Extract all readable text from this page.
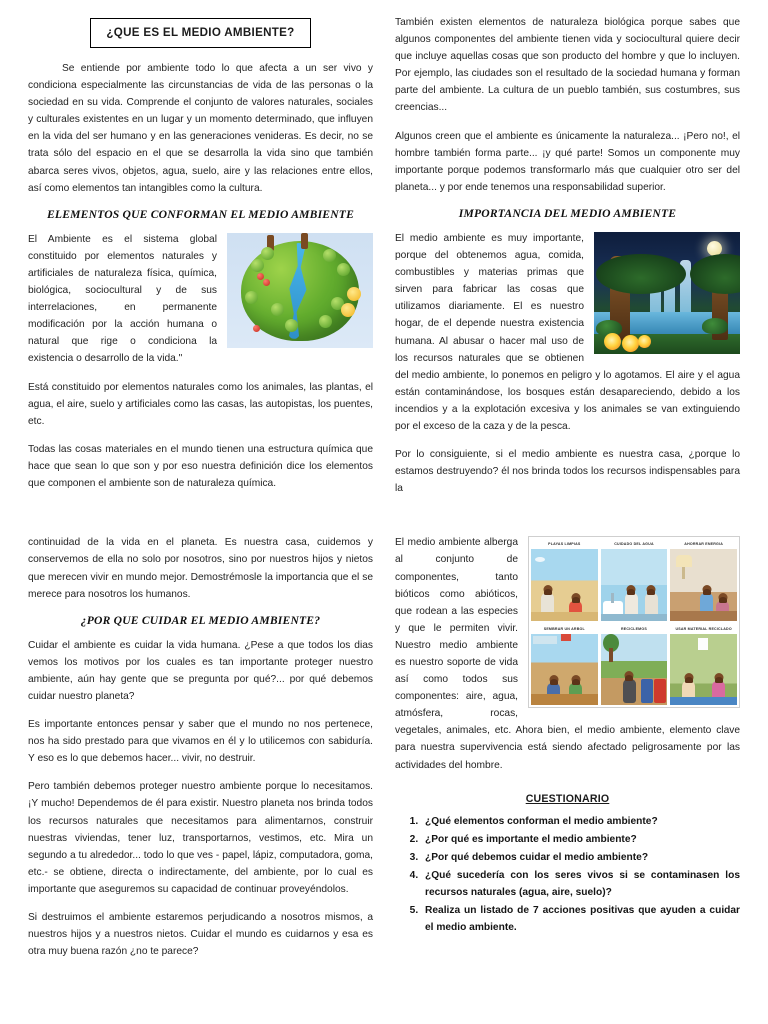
¿QUE ES EL MEDIO AMBIENTE?

Se entiende por ambiente todo lo que afecta a un ser vivo y condiciona especialmente las circunstancias de vida de las personas o la sociedad en su vida. Comprende el conjunto de valores naturales, sociales y culturales existentes en un lugar y un momento determinado, que influyen en la vida del ser humano y en las generaciones venideras. Es decir, no se trata sólo del espacio en el que se desarrolla la vida sino que también abarca seres vivos, objetos, agua, suelo, aire y las relaciones entre ellos, así como elementos tan intangibles como la cultura.

ELEMENTOS QUE CONFORMAN EL MEDIO AMBIENTE

El Ambiente es el sistema global constituido por elementos naturales y artificiales de naturaleza física, química, biológica, sociocultural y de sus interrelaciones, en permanente modificación por la acción humana o natural que rige o condiciona la existencia o desarrollo de la vida."

Está constituido por elementos naturales como los animales, las plantas, el agua, el aire, suelo y artificiales como las casas, las autopistas, los puentes, etc.

Todas las cosas materiales en el mundo tienen una estructura química que hace que sean lo que son y por eso nuestra definición dice los elementos que componen el ambiente son de naturaleza química.

También existen elementos de naturaleza biológica porque sabes que algunos componentes del ambiente tienen vida y sociocultural quiere decir que incluye aquellas cosas que son producto del hombre y que lo incluyen. Por ejemplo, las ciudades son el resultado de la sociedad humana y forman parte del ambiente. La cultura de un pueblo también, sus costumbres, sus creencias...

Algunos creen que el ambiente es únicamente la naturaleza... ¡Pero no!, el hombre también forma parte... ¡y qué parte! Somos un componente muy importante porque podemos transformarlo más que cualquier otro ser del planeta... y por ende tenemos una responsabilidad superior.

IMPORTANCIA DEL MEDIO AMBIENTE

El medio ambiente es muy importante, porque del obtenemos agua, comida, combustibles y materias primas que sirven para fabricar las cosas que utilizamos diariamente. El es nuestro hogar, de el depende nuestra existencia humana. Al abusar o hacer mal uso de los recursos naturales que se obtienen del medio ambiente, lo ponemos en peligro y lo agotamos. El aire y el agua están contaminándose, los bosques están desapareciendo, debido a los incendios y a la explotación excesiva y los animales se van extinguiendo por el exceso de la caza y de la pesca.

Por lo consiguiente, si el medio ambiente es nuestra casa, ¿porque lo estamos destruyendo? él nos brinda todos los recursos indispensables para la

continuidad de la vida en el planeta. Es nuestra casa, cuidemos y conservemos de ella no solo por nosotros, sino por nuestros hijos y nietos que merecen vivir en mundo mejor. Demostrémosle la importancia que el se merece para nosotros los humanos.

¿POR QUE CUIDAR EL MEDIO AMBIENTE?

Cuidar el ambiente es cuidar la vida humana. ¿Pese a que todos los dias vemos los motivos por los cuales es tan importante proteger nuestro ambiente, aún hay gente que se pregunta por qué?... por qué debemos cuidar nuestro planeta?

Es importante entonces pensar y saber que el mundo no nos pertenece, nos ha sido prestado para que vivamos en él y lo utilicemos con sabiduría. Y eso es lo que debemos hacer... vivir, no destruir.

Pero también debemos proteger nuestro ambiente porque lo necesitamos. ¡Y mucho! Dependemos de él para existir. Nuestro planeta nos brinda todos los recursos naturales que necesitamos para alimentarnos, construir nuestras viviendas, tener luz, transportarnos, vestimos, etc. Mira un segundo a tu alrededor... todo lo que ves - papel, lápiz, computadora, goma, etc.- se obtiene, directa o indirectamente, del ambiente, por lo cual es importante que aseguremos su capacidad de continuar proveyéndolos.

Si destruimos el ambiente estaremos perjudicando a nosotros mismos, a nuestros hijos y a nuestros nietos. Cuidar el mundo es cuidarnos y esa es otra muy buena razón ¿no te parece?

PLAYAS LIMPIAS	CUIDADO DEL AGUA	AHORRAR ENERGIA
SEMBRAR UN ARBOL	RECICLEMOS	USAR MATERIAL RECICLADO

El medio ambiente alberga al conjunto de componentes, tanto bióticos como abióticos, que rodean a las especies y que le permiten vivir. Nuestro medio ambiente es nuestro soporte de vida así como todos sus componentes: aire, agua, atmósfera, rocas, vegetales, animales, etc. Ahora bien, el medio ambiente, elemento clave para nuestra supervivencia está siendo afectado peligrosamente por las actividades del hombre.

CUESTIONARIO
1. ¿Qué elementos conforman el medio ambiente?
2. ¿Por qué es importante el medio ambiente?
3. ¿Por qué debemos cuidar el medio ambiente?
4. ¿Qué sucedería con los seres vivos si se contaminasen los recursos naturales (agua, aire, suelo)?
5. Realiza un listado de 7 acciones positivas que ayuden a cuidar el medio ambiente.
